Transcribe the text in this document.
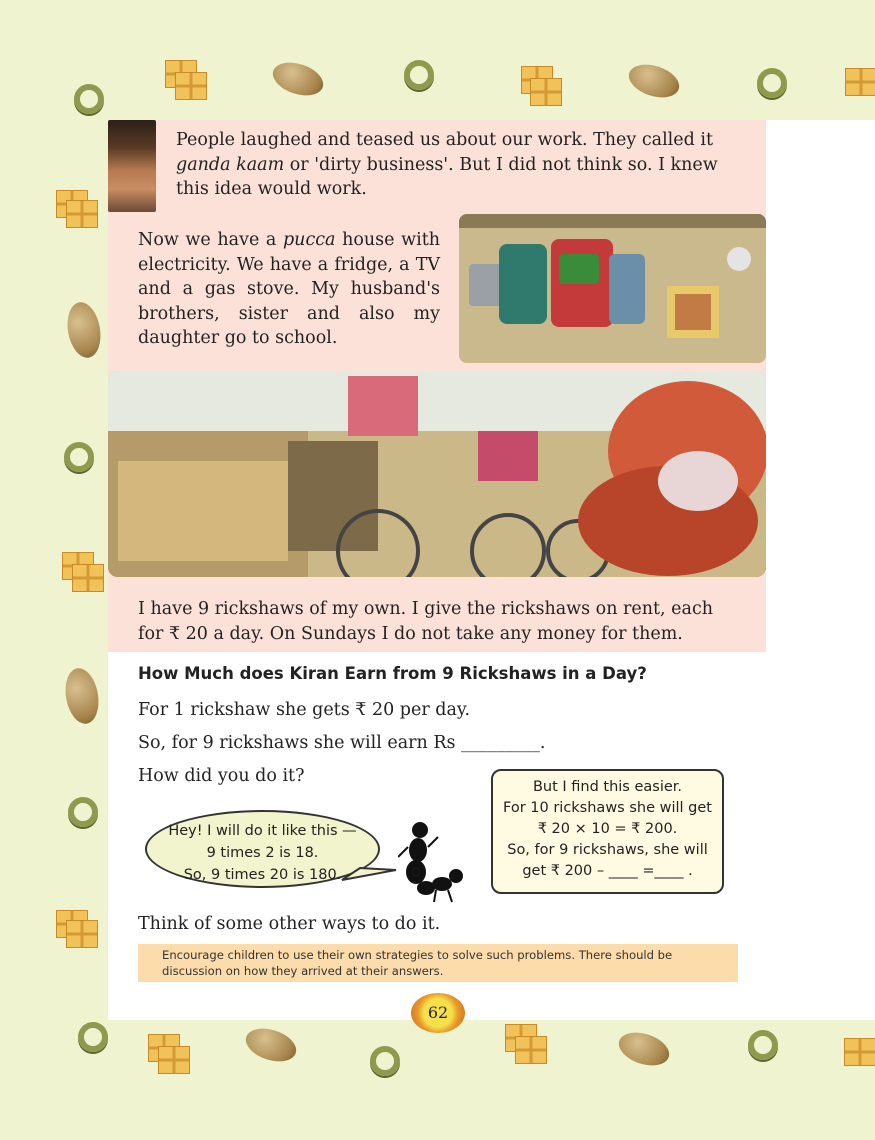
People laughed and teased us about our work. They called it
ganda kaam or 'dirty business'. But I did not think so. I knew
this idea would work.
Now we have a pucca house with electricity. We have a fridge, a TV and a gas stove. My husband's brothers, sister and also my daughter go to school.
I have 9 rickshaws of my own. I give the rickshaws on rent, each
for ₹ 20 a day. On Sundays I do not take any money for them.
How Much does Kiran Earn from 9 Rickshaws in a Day?
For 1 rickshaw she gets ₹ 20 per day.
So, for 9 rickshaws she will earn Rs _________.
How did you do it?
Hey! I will do it like this —
9 times 2 is 18.
So, 9 times 20 is 180.
But I find this easier.
For 10 rickshaws she will get
₹ 20 × 10 = ₹ 200.
So, for 9 rickshaws, she will
get ₹ 200 – ____ =____ .
Think of some other ways to do it.
Encourage children to use their own strategies to solve such problems. There should be
discussion on how they arrived at their answers.
62
